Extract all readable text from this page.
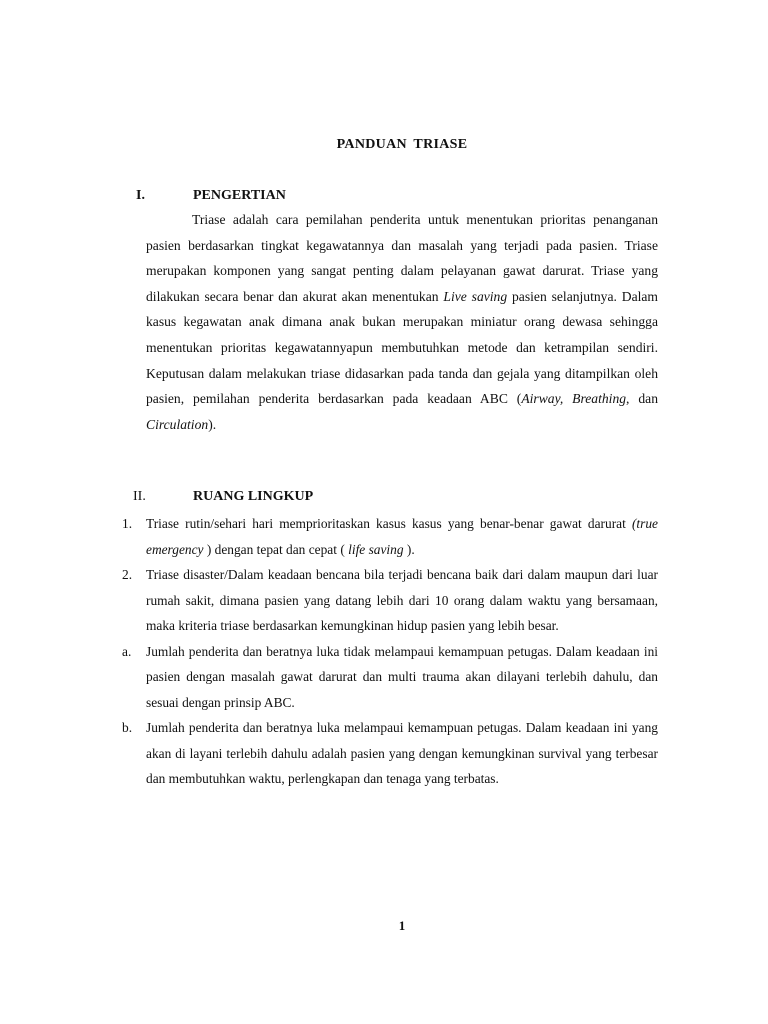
PANDUAN TRIASE
I.	PENGERTIAN
Triase adalah cara pemilahan penderita untuk menentukan prioritas penanganan pasien berdasarkan tingkat kegawatannya dan masalah yang terjadi pada pasien. Triase merupakan komponen yang sangat penting dalam pelayanan gawat darurat. Triase yang dilakukan secara benar dan akurat akan menentukan Live saving pasien selanjutnya. Dalam kasus kegawatan anak dimana anak bukan merupakan miniatur orang dewasa sehingga menentukan prioritas kegawatannyapun membutuhkan metode dan ketrampilan sendiri. Keputusan dalam melakukan triase didasarkan pada tanda dan gejala yang ditampilkan oleh pasien, pemilahan penderita berdasarkan pada keadaan ABC (Airway, Breathing, dan Circulation).
II.	RUANG LINGKUP
1. Triase rutin/sehari hari memprioritaskan kasus kasus yang benar-benar gawat darurat (true emergency ) dengan tepat dan cepat ( life saving ).
2. Triase disaster/Dalam keadaan bencana bila terjadi bencana baik dari dalam maupun dari luar rumah sakit, dimana pasien yang datang lebih dari 10 orang dalam waktu yang bersamaan, maka kriteria triase berdasarkan kemungkinan hidup pasien yang lebih besar.
a. Jumlah penderita dan beratnya luka tidak melampaui kemampuan petugas. Dalam keadaan ini pasien dengan masalah gawat darurat dan multi trauma akan dilayani terlebih dahulu, dan sesuai dengan prinsip ABC.
b. Jumlah penderita dan beratnya luka melampaui kemampuan petugas. Dalam keadaan ini yang akan di layani terlebih dahulu adalah pasien yang dengan kemungkinan survival yang terbesar dan membutuhkan waktu, perlengkapan dan tenaga yang terbatas.
1
